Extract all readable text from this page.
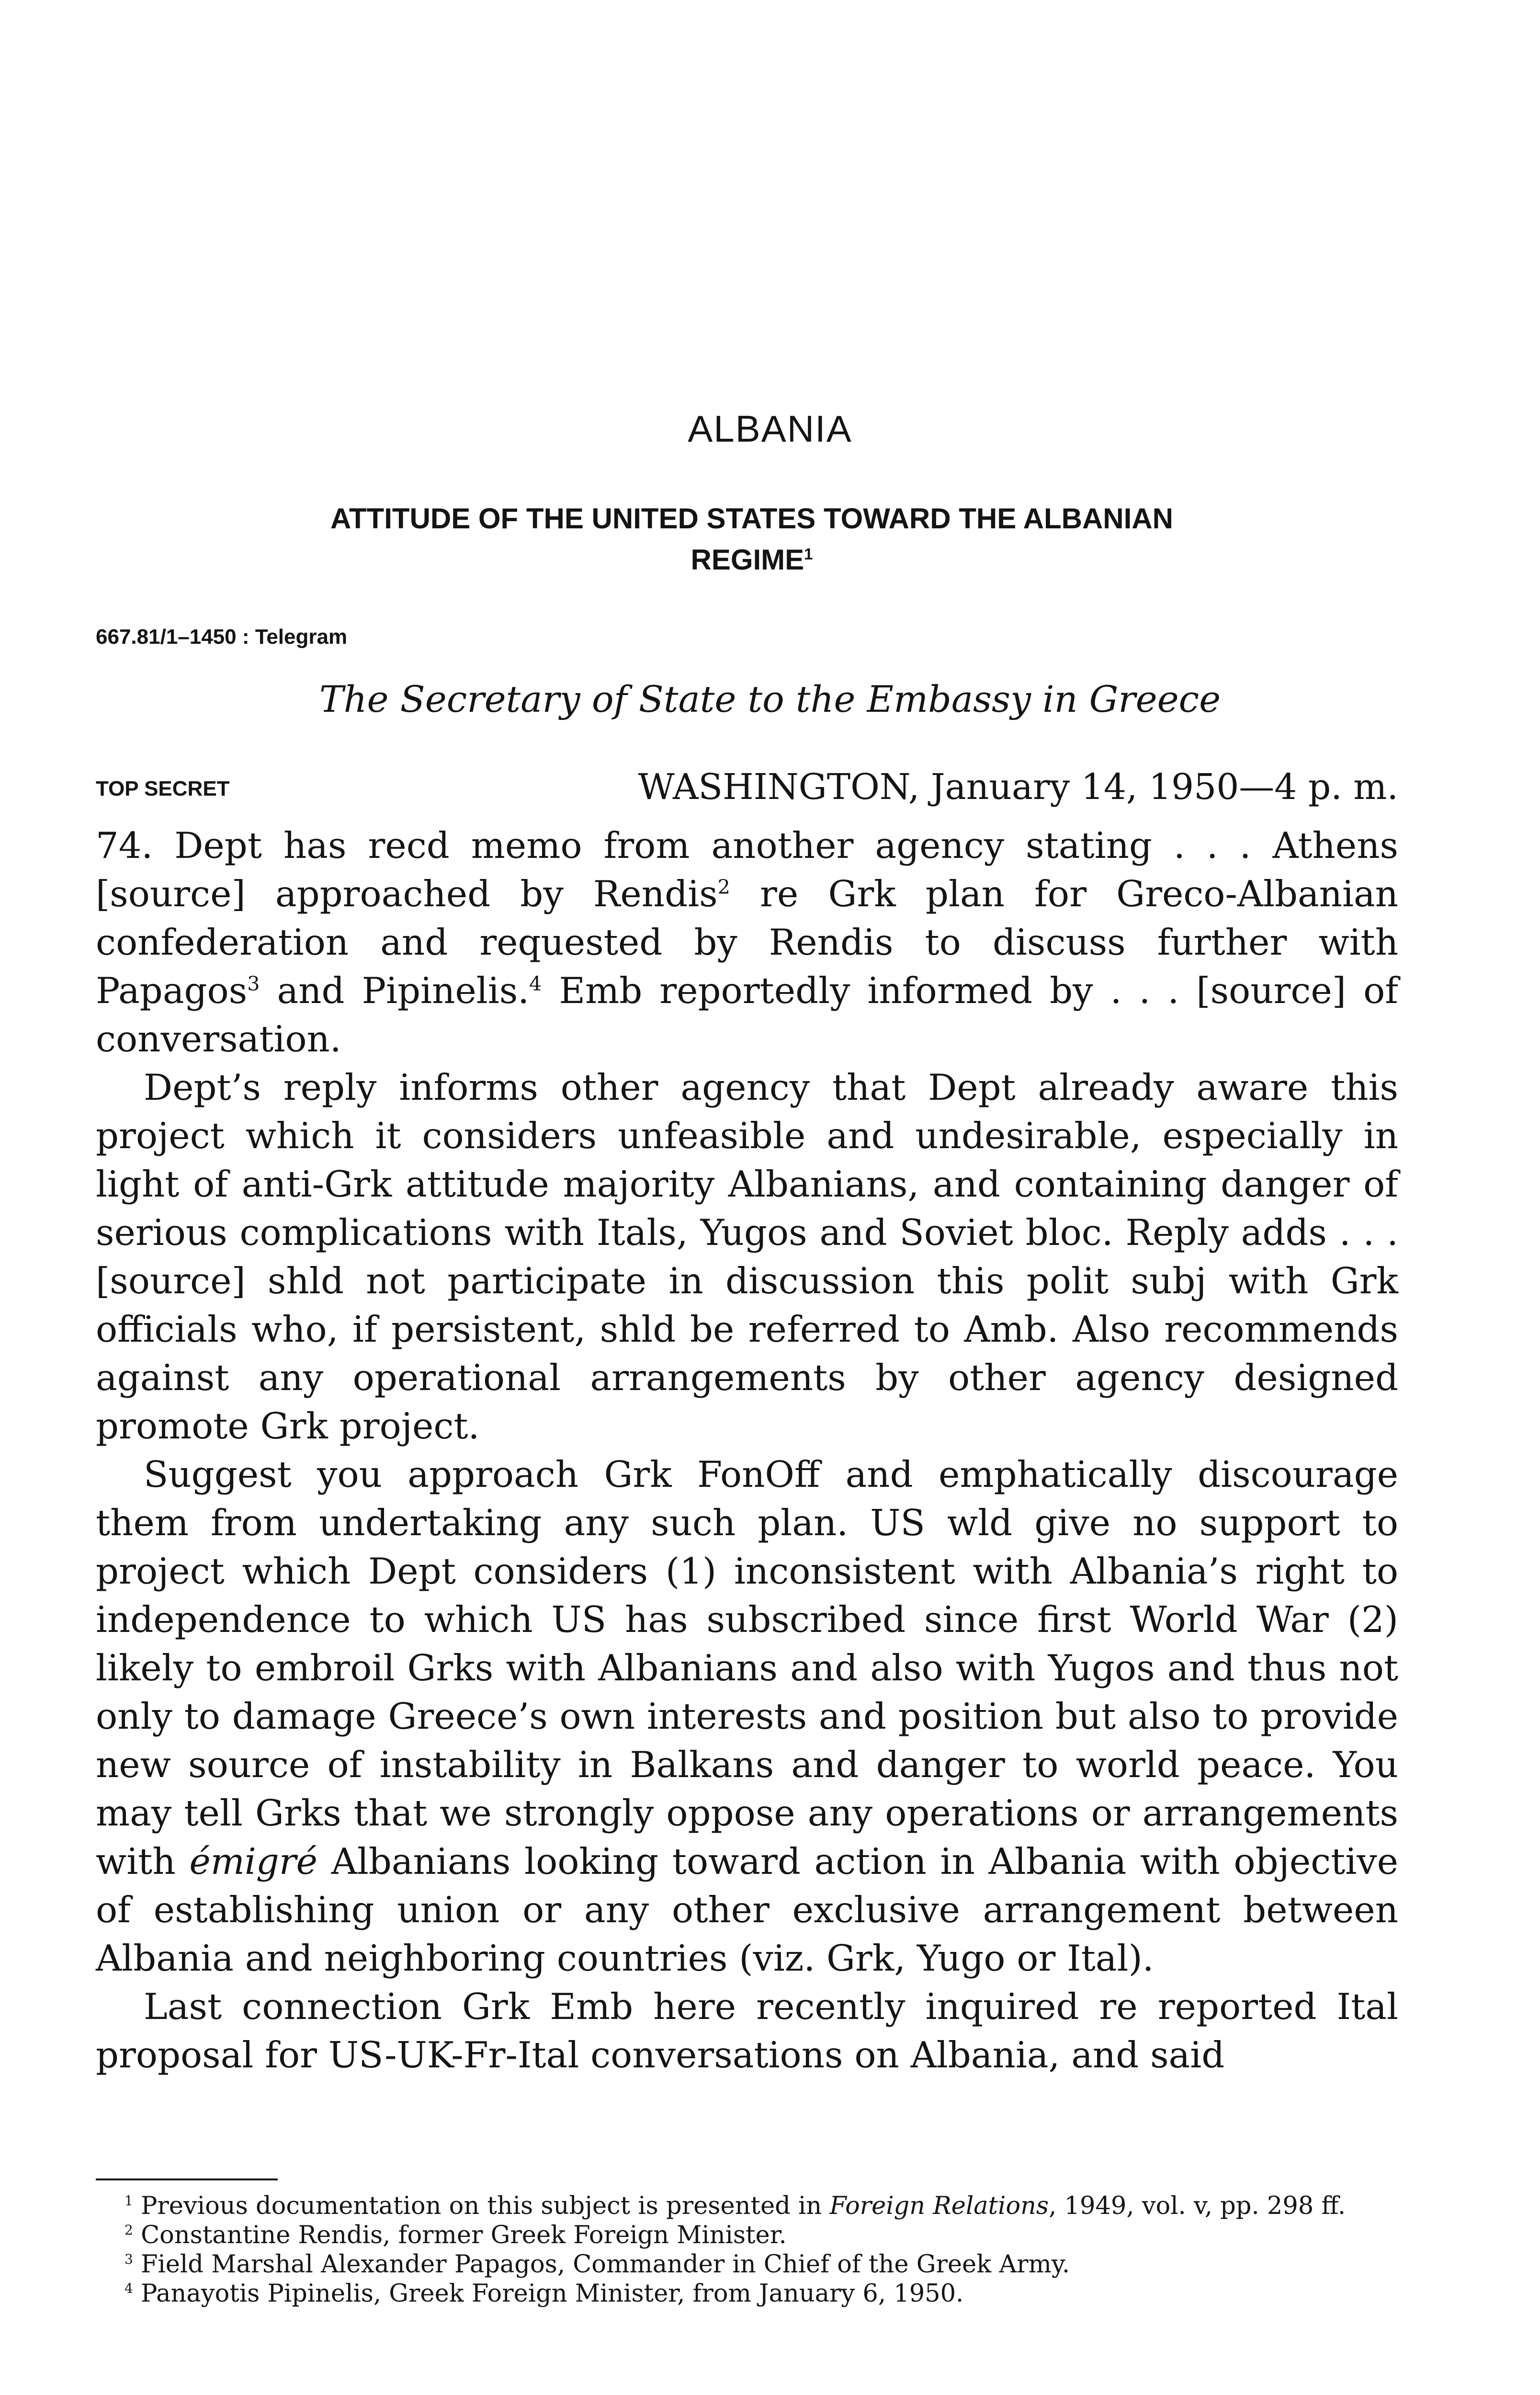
ALBANIA
ATTITUDE OF THE UNITED STATES TOWARD THE ALBANIAN
REGIME$^1$
667.81/1–1450 : Telegram
The Secretary of State to the Embassy in Greece
TOP SECRET	WASHINGTON, January 14, 1950—4 p. m.

74. Dept has recd memo from another agency stating . . . Athens [source] approached by Rendis$^2$ re Grk plan for Greco-Albanian confederation and requested by Rendis to discuss further with Papagos$^3$ and Pipinelis.$^4$ Emb reportedly informed by . . . [source] of conversation.

Dept’s reply informs other agency that Dept already aware this project which it considers unfeasible and undesirable, especially in light of anti-Grk attitude majority Albanians, and containing danger of serious complications with Itals, Yugos and Soviet bloc. Reply adds . . . [source] shld not participate in discussion this polit subj with Grk officials who, if persistent, shld be referred to Amb. Also recommends against any operational arrangements by other agency designed promote Grk project.

Suggest you approach Grk FonOff and emphatically discourage them from undertaking any such plan. US wld give no support to project which Dept considers (1) inconsistent with Albania’s right to independence to which US has subscribed since first World War (2) likely to embroil Grks with Albanians and also with Yugos and thus not only to damage Greece’s own interests and position but also to provide new source of instability in Balkans and danger to world peace. You may tell Grks that we strongly oppose any operations or arrangements with émigré Albanians looking toward action in Albania with objective of establishing union or any other exclusive arrangement between Albania and neighboring countries (viz. Grk, Yugo or Ital).

Last connection Grk Emb here recently inquired re reported Ital proposal for US-UK-Fr-Ital conversations on Albania, and said

$^1$ Previous documentation on this subject is presented in Foreign Relations, 1949, vol. v, pp. 298 ff.
$^2$ Constantine Rendis, former Greek Foreign Minister.
$^3$ Field Marshal Alexander Papagos, Commander in Chief of the Greek Army.
$^4$ Panayotis Pipinelis, Greek Foreign Minister, from January 6, 1950.
